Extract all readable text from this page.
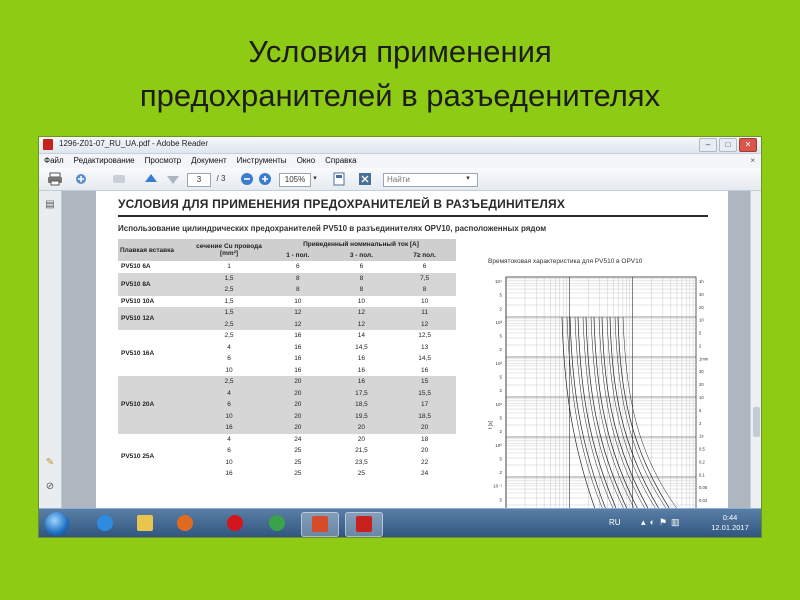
Условия применения
предохранителей в разъеденителях
1296-Z01-07_RU_UA.pdf - Adobe Reader	–	□	✕
Файл	Редактирование	Просмотр	Документ	Инструменты	Окно	Справка	×
3	/ 3	105%	▾	Найти	▾
▤
✎
⊘
УСЛОВИЯ ДЛЯ ПРИМЕНЕНИЯ ПРЕДОХРАНИТЕЛЕЙ В РАЗЪЕДИНИТЕЛЯХ
Использование цилиндрических предохранителей PV510 в разъединителях OPV10, расположенных рядом
Плавкая вставка	сечение Cu провода [mm²]	Приведенный номинальный ток [A]		
		1 - пол.	3 - пол.	7≥ пол.
PV510 6A	1	6	6	6
PV510 8A	1,5	8	8	7,5
	2,5	8	8	8
PV510 10A	1,5	10	10	10
PV510 12A	1,5	12	12	11
	2,5	12	12	12
PV510 16A	2,5	16	14	12,5
	4	16	14,5	13
	6	16	16	14,5
	10	16	16	16
PV510 20A	2,5	20	16	15
	4	20	17,5	15,5
	6	20	18,5	17
	10	20	19,5	18,5
	16	20	20	20
PV510 25A	4	24	20	18
	6	25	21,5	20
	10	25	23,5	22
	16	25	25	24
Времятоковая характеристика для PV510 в OPV10
10⁴
5
2
10³
5
2
10²
5
2
10¹
5
2
10⁰
5
2
10⁻¹
5
1h
30
20
10
5
2
1min
30
20
10
5
2
1s
0,5
0,2
0,1
0,05
0,02
t [s]
RU ▴◐⚑▥	0:44
12.01.2017
